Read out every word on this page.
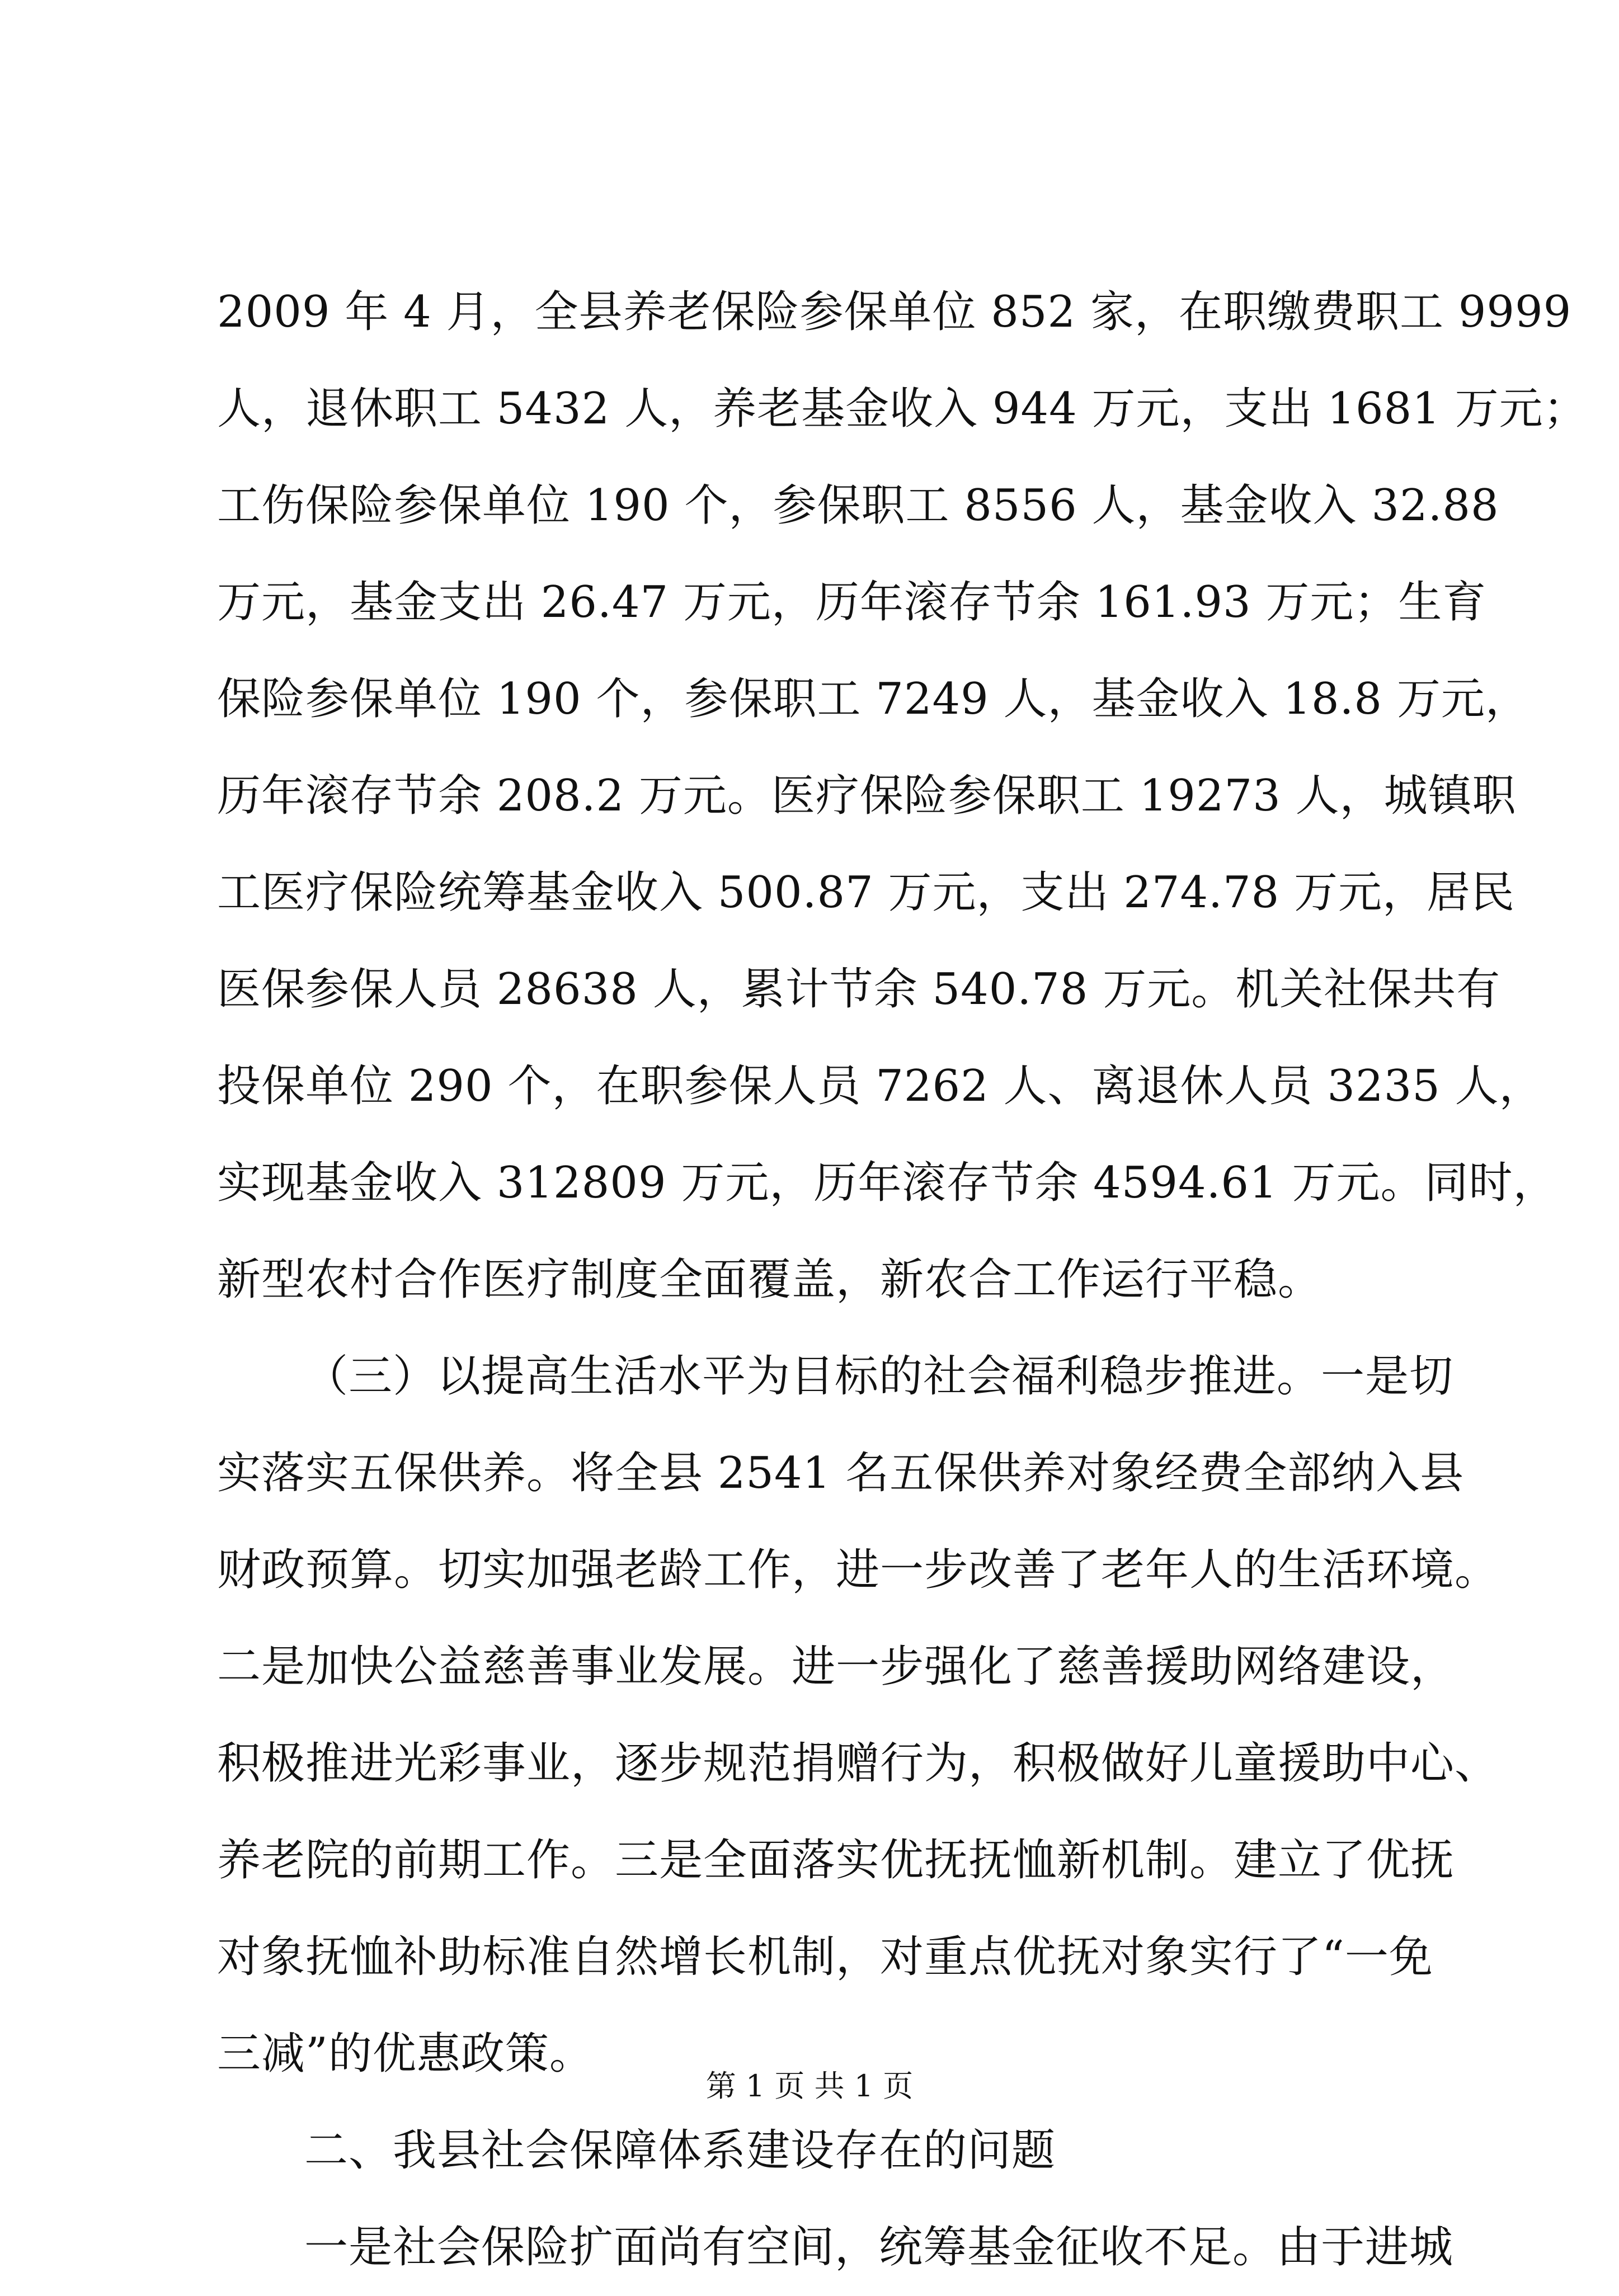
2009 年 4 月，全县养老保险参保单位 852 家，在职缴费职工 9999
人，退休职工 5432 人，养老基金收入 944 万元，支出 1681 万元；
工伤保险参保单位 190 个，参保职工 8556 人，基金收入 32.88
万元，基金支出 26.47 万元，历年滚存节余 161.93 万元；生育
保险参保单位 190 个，参保职工 7249 人，基金收入 18.8 万元，
历年滚存节余 208.2 万元。医疗保险参保职工 19273 人，城镇职
工医疗保险统筹基金收入 500.87 万元，支出 274.78 万元，居民
医保参保人员 28638 人，累计节余 540.78 万元。机关社保共有
投保单位 290 个，在职参保人员 7262 人、离退休人员 3235 人，
实现基金收入 312809 万元，历年滚存节余 4594.61 万元。同时，
新型农村合作医疗制度全面覆盖，新农合工作运行平稳。
（三）以提高生活水平为目标的社会福利稳步推进。一是切
实落实五保供养。将全县 2541 名五保供养对象经费全部纳入县
财政预算。切实加强老龄工作，进一步改善了老年人的生活环境。
二是加快公益慈善事业发展。进一步强化了慈善援助网络建设，
积极推进光彩事业，逐步规范捐赠行为，积极做好儿童援助中心、
养老院的前期工作。三是全面落实优抚抚恤新机制。建立了优抚
对象抚恤补助标准自然增长机制，对重点优抚对象实行了“一免
三减”的优惠政策。
二、我县社会保障体系建设存在的问题
一是社会保险扩面尚有空间，统筹基金征收不足。由于进城
第 1 页 共 1 页
